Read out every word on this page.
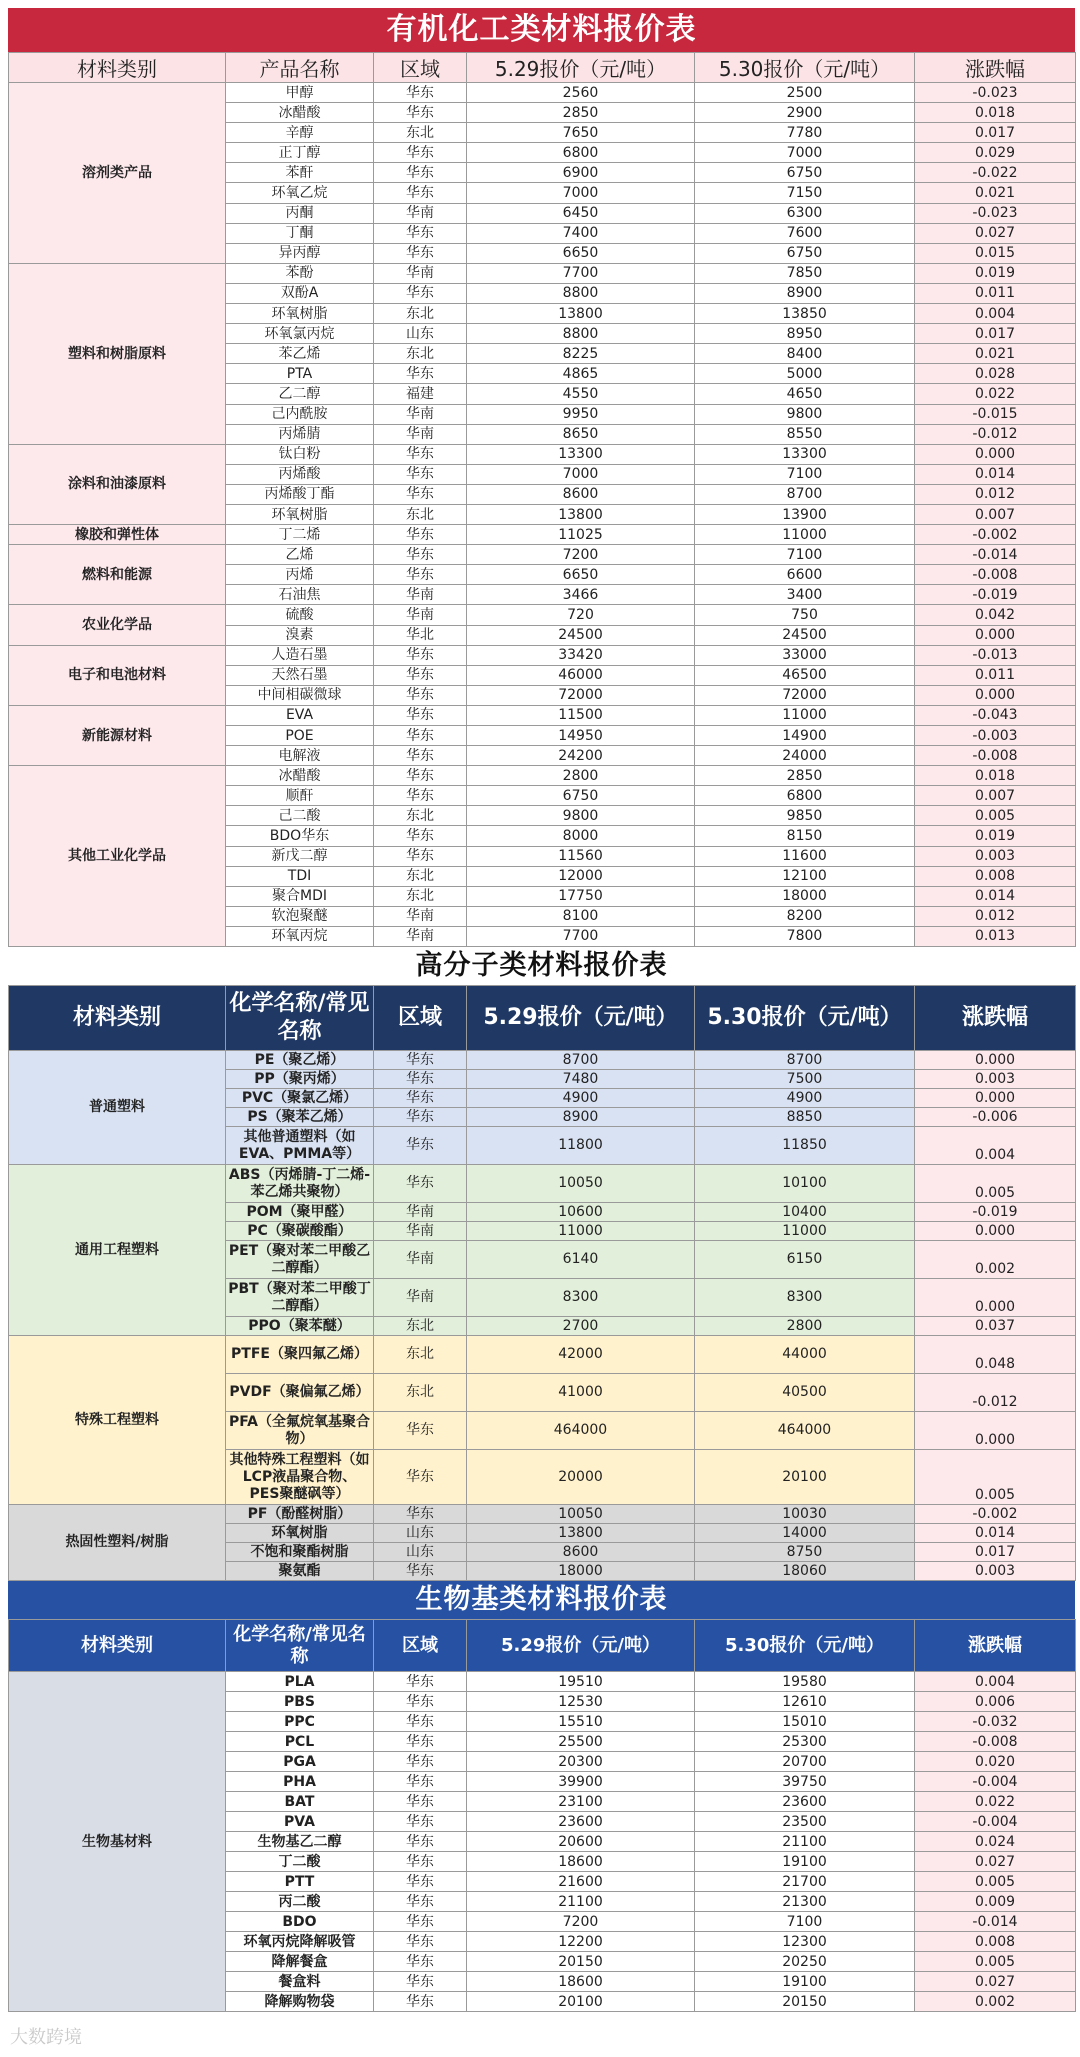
有机化工类材料报价表
材料类别	产品名称	区域	5.29报价（元/吨）	5.30报价（元/吨）	涨跌幅
溶剂类产品	甲醇	华东	2560	2500	-0.023
	冰醋酸	华东	2850	2900	0.018
	辛醇	东北	7650	7780	0.017
	正丁醇	华东	6800	7000	0.029
	苯酐	华东	6900	6750	-0.022
	环氧乙烷	华东	7000	7150	0.021
	丙酮	华南	6450	6300	-0.023
	丁酮	华东	7400	7600	0.027
	异丙醇	华东	6650	6750	0.015
塑料和树脂原料	苯酚	华南	7700	7850	0.019
	双酚A	华东	8800	8900	0.011
	环氧树脂	东北	13800	13850	0.004
	环氧氯丙烷	山东	8800	8950	0.017
	苯乙烯	东北	8225	8400	0.021
	PTA	华东	4865	5000	0.028
	乙二醇	福建	4550	4650	0.022
	己内酰胺	华南	9950	9800	-0.015
	丙烯腈	华南	8650	8550	-0.012
涂料和油漆原料	钛白粉	华东	13300	13300	0.000
	丙烯酸	华东	7000	7100	0.014
	丙烯酸丁酯	华东	8600	8700	0.012
	环氧树脂	东北	13800	13900	0.007
橡胶和弹性体	丁二烯	华东	11025	11000	-0.002
燃料和能源	乙烯	华东	7200	7100	-0.014
	丙烯	华东	6650	6600	-0.008
	石油焦	华南	3466	3400	-0.019
农业化学品	硫酸	华南	720	750	0.042
	溴素	华北	24500	24500	0.000
电子和电池材料	人造石墨	华东	33420	33000	-0.013
	天然石墨	华东	46000	46500	0.011
	中间相碳微球	华东	72000	72000	0.000
新能源材料	EVA	华东	11500	11000	-0.043
	POE	华东	14950	14900	-0.003
	电解液	华东	24200	24000	-0.008
其他工业化学品	冰醋酸	华东	2800	2850	0.018
	顺酐	华东	6750	6800	0.007
	己二酸	东北	9800	9850	0.005
	BDO华东	华东	8000	8150	0.019
	新戊二醇	华东	11560	11600	0.003
	TDI	东北	12000	12100	0.008
	聚合MDI	东北	17750	18000	0.014
	软泡聚醚	华南	8100	8200	0.012
	环氧丙烷	华南	7700	7800	0.013
高分子类材料报价表
材料类别	化学名称/常见名称	区域	5.29报价（元/吨）	5.30报价（元/吨）	涨跌幅
普通塑料	PE（聚乙烯）	华东	8700	8700	0.000
	PP（聚丙烯）	华东	7480	7500	0.003
	PVC（聚氯乙烯）	华东	4900	4900	0.000
	PS（聚苯乙烯）	华东	8900	8850	-0.006
	其他普通塑料（如EVA、PMMA等）	华东	11800	11850	0.004
通用工程塑料	ABS（丙烯腈-丁二烯-苯乙烯共聚物）	华东	10050	10100	0.005
	POM（聚甲醛）	华南	10600	10400	-0.019
	PC（聚碳酸酯）	华南	11000	11000	0.000
	PET（聚对苯二甲酸乙二醇酯）	华南	6140	6150	0.002
	PBT（聚对苯二甲酸丁二醇酯）	华南	8300	8300	0.000
	PPO（聚苯醚）	东北	2700	2800	0.037
特殊工程塑料	PTFE（聚四氟乙烯）	东北	42000	44000	0.048
	PVDF（聚偏氟乙烯）	东北	41000	40500	-0.012
	PFA（全氟烷氧基聚合物）	华东	464000	464000	0.000
	其他特殊工程塑料（如LCP液晶聚合物、PES聚醚砜等）	华东	20000	20100	0.005
热固性塑料/树脂	PF（酚醛树脂）	华东	10050	10030	-0.002
	环氧树脂	山东	13800	14000	0.014
	不饱和聚酯树脂	山东	8600	8750	0.017
	聚氨酯	华东	18000	18060	0.003
生物基类材料报价表
材料类别	化学名称/常见名称	区域	5.29报价（元/吨）	5.30报价（元/吨）	涨跌幅
生物基材料	PLA	华东	19510	19580	0.004
	PBS	华东	12530	12610	0.006
	PPC	华东	15510	15010	-0.032
	PCL	华东	25500	25300	-0.008
	PGA	华东	20300	20700	0.020
	PHA	华东	39900	39750	-0.004
	BAT	华东	23100	23600	0.022
	PVA	华东	23600	23500	-0.004
	生物基乙二醇	华东	20600	21100	0.024
	丁二酸	华东	18600	19100	0.027
	PTT	华东	21600	21700	0.005
	丙二酸	华东	21100	21300	0.009
	BDO	华东	7200	7100	-0.014
	环氧丙烷降解吸管	华东	12200	12300	0.008
	降解餐盒	华东	20150	20250	0.005
	餐盒料	华东	18600	19100	0.027
	降解购物袋	华东	20100	20150	0.002
大数跨境
